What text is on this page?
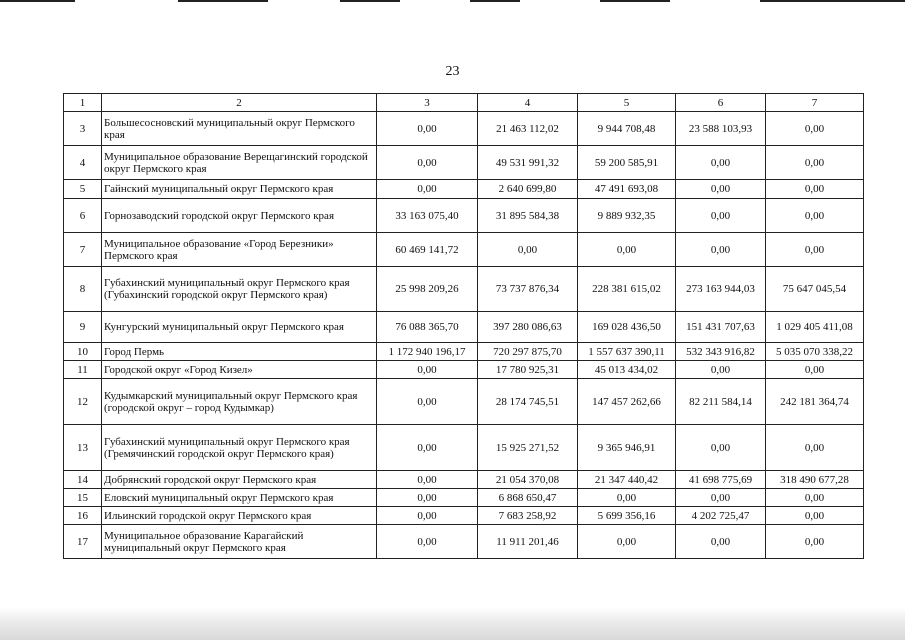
23
1	2	3	4	5	6	7
3	Большесосновский муниципальный округ Пермского края	0,00	21 463 112,02	9 944 708,48	23 588 103,93	0,00
4	Муниципальное образование Верещагинский городской округ Пермского края	0,00	49 531 991,32	59 200 585,91	0,00	0,00
5	Гайнский муниципальный округ Пермского края	0,00	2 640 699,80	47 491 693,08	0,00	0,00
6	Горнозаводский городской округ Пермского края	33 163 075,40	31 895 584,38	9 889 932,35	0,00	0,00
7	Муниципальное образование «Город Березники» Пермского края	60 469 141,72	0,00	0,00	0,00	0,00
8	Губахинский муниципальный округ Пермского края (Губахинский городской округ Пермского края)	25 998 209,26	73 737 876,34	228 381 615,02	273 163 944,03	75 647 045,54
9	Кунгурский муниципальный округ Пермского края	76 088 365,70	397 280 086,63	169 028 436,50	151 431 707,63	1 029 405 411,08
10	Город Пермь	1 172 940 196,17	720 297 875,70	1 557 637 390,11	532 343 916,82	5 035 070 338,22
11	Городской округ «Город Кизел»	0,00	17 780 925,31	45 013 434,02	0,00	0,00
12	Кудымкарский муниципальный округ Пермского края (городской округ – город Кудымкар)	0,00	28 174 745,51	147 457 262,66	82 211 584,14	242 181 364,74
13	Губахинский муниципальный округ Пермского края (Гремячинский городской округ Пермского края)	0,00	15 925 271,52	9 365 946,91	0,00	0,00
14	Добрянский городской округ Пермского края	0,00	21 054 370,08	21 347 440,42	41 698 775,69	318 490 677,28
15	Еловский муниципальный округ Пермского края	0,00	6 868 650,47	0,00	0,00	0,00
16	Ильинский городской округ Пермского края	0,00	7 683 258,92	5 699 356,16	4 202 725,47	0,00
17	Муниципальное образование Карагайский муниципальный округ Пермского края	0,00	11 911 201,46	0,00	0,00	0,00
